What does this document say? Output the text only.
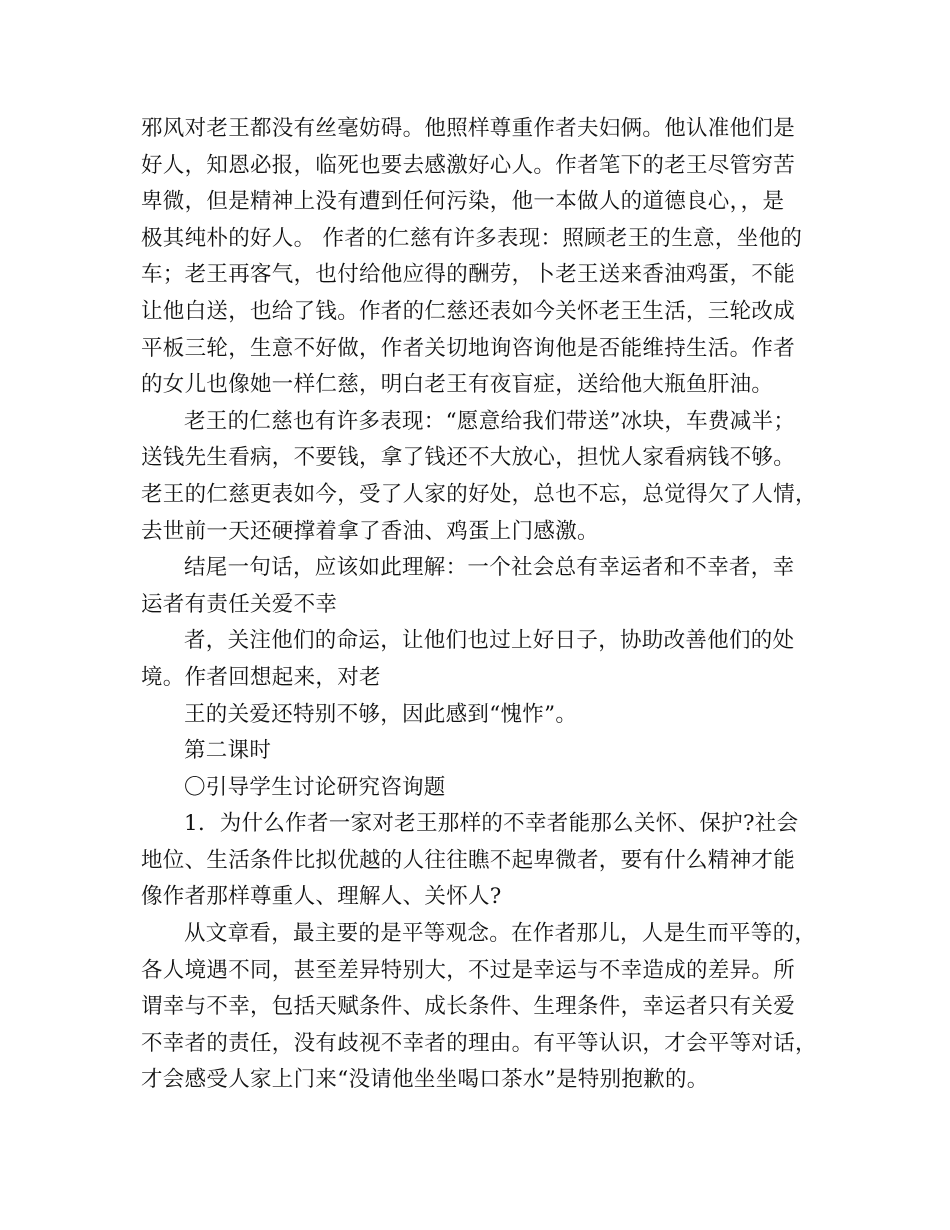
邪风对老王都没有丝毫妨碍。他照样尊重作者夫妇俩。他认准他们是
好人，知恩必报，临死也要去感激好心人。作者笔下的老王尽管穷苦
卑微，但是精神上没有遭到任何污染，他一本做人的道德良心，，是
极其纯朴的好人。 作者的仁慈有许多表现：照顾老王的生意，坐他的
车；老王再客气，也付给他应得的酬劳，卜老王送来香油鸡蛋，不能
让他白送，也给了钱。作者的仁慈还表如今关怀老王生活，三轮改成
平板三轮，生意不好做，作者关切地询咨询他是否能维持生活。作者
的女儿也像她一样仁慈，明白老王有夜盲症，送给他大瓶鱼肝油。
老王的仁慈也有许多表现：“愿意给我们带送”冰块，车费减半；
送钱先生看病，不要钱，拿了钱还不大放心，担忧人家看病钱不够。
老王的仁慈更表如今，受了人家的好处，总也不忘，总觉得欠了人情，
去世前一天还硬撑着拿了香油、鸡蛋上门感激。
结尾一句话，应该如此理解：一个社会总有幸运者和不幸者，幸
运者有责任关爱不幸
者，关注他们的命运，让他们也过上好日子，协助改善他们的处
境。作者回想起来，对老
王的关爱还特别不够，因此感到“愧怍”。
第二课时
〇引导学生讨论研究咨询题
1．为什么作者一家对老王那样的不幸者能那么关怀、保护?社会
地位、生活条件比拟优越的人往往瞧不起卑微者，要有什么精神才能
像作者那样尊重人、理解人、关怀人?
从文章看，最主要的是平等观念。在作者那儿，人是生而平等的，
各人境遇不同，甚至差异特别大，不过是幸运与不幸造成的差异。所
谓幸与不幸，包括天赋条件、成长条件、生理条件，幸运者只有关爱
不幸者的责任，没有歧视不幸者的理由。有平等认识，才会平等对话，
才会感受人家上门来“没请他坐坐喝口茶水”是特别抱歉的。
